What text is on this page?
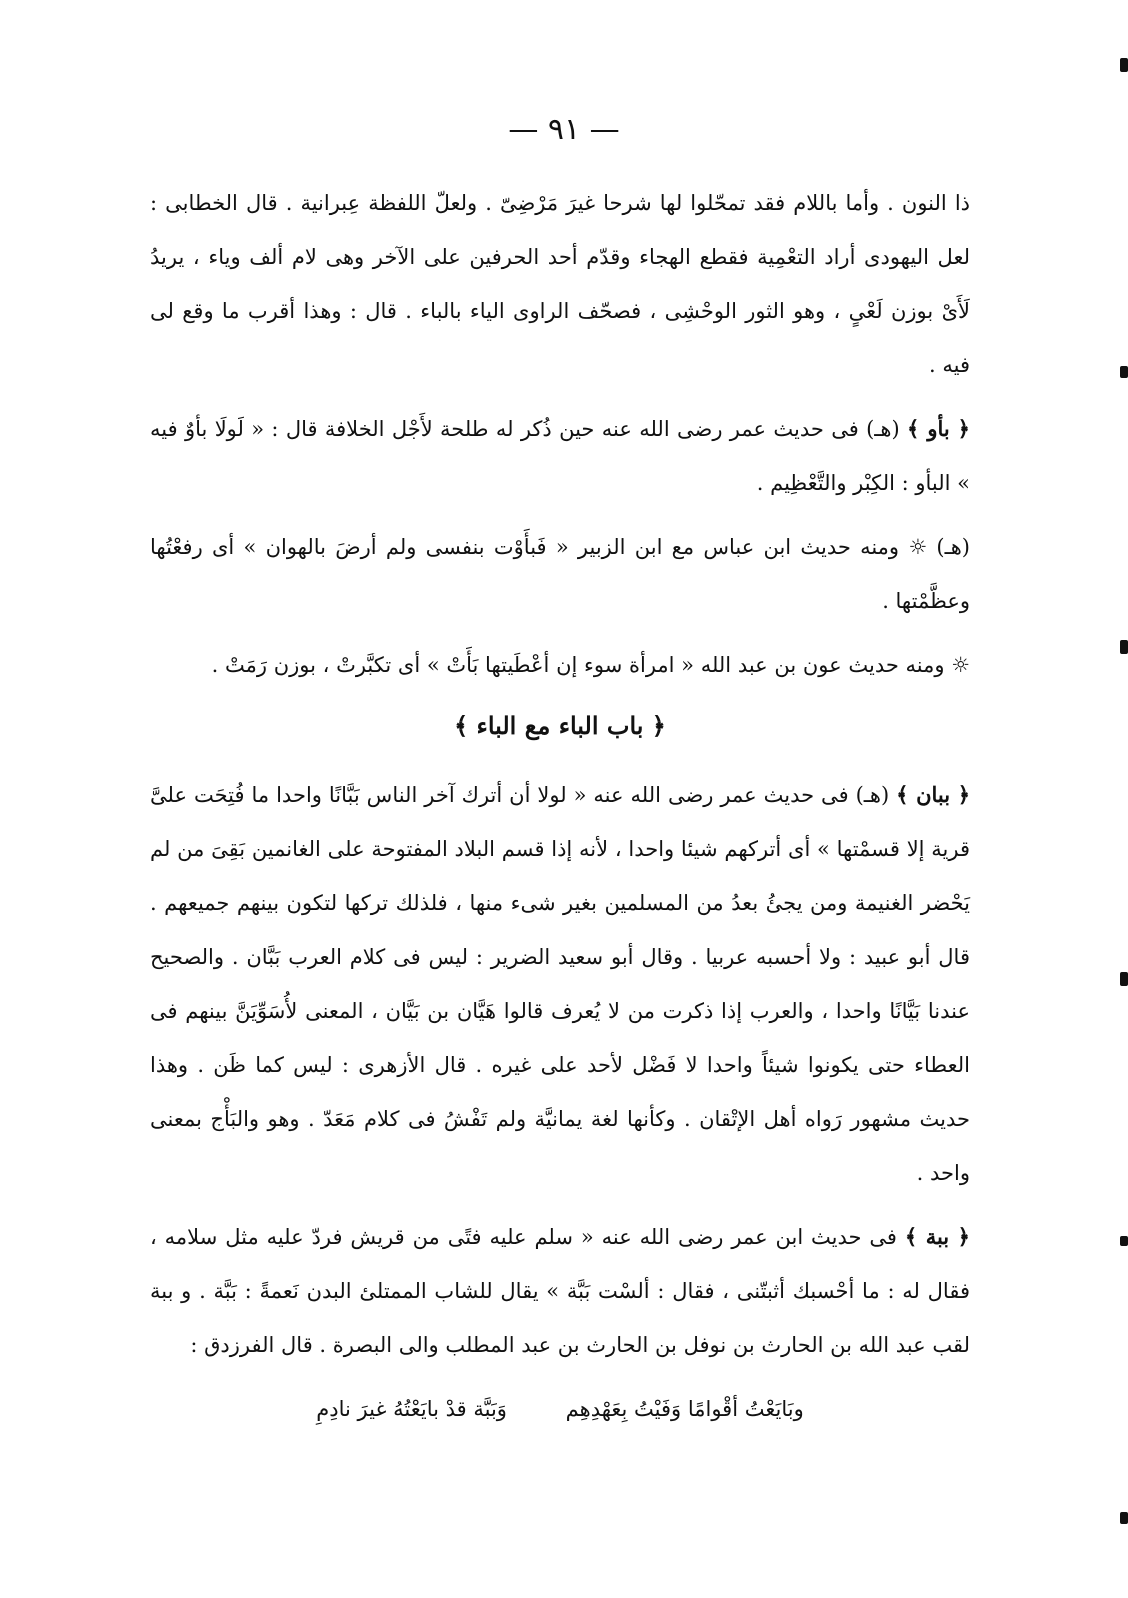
— ٩١ —

ذا النون . وأما باللام فقد تمحّلوا لها شرحا غيرَ مَرْضِىّ . ولعلّ اللفظة عِبرانية . قال الخطابى : لعل اليهودى أراد التعْمِية فقطع الهجاء وقدّم أحد الحرفين على الآخر وهى لام ألف وياء ، يريدُ لَأَىْ بوزن لَعْىٍ ، وهو الثور الوحْشِى ، فصحّف الراوى الياء بالباء . قال : وهذا أقرب ما وقع لى فيه .

﴿ بأو ﴾ (هـ) فى حديث عمر رضى الله عنه حين ذُكر له طلحة لأَجْل الخلافة قال : « لَولَا بأوٌ فيه » البأو : الكِبْر والتَّعْظِيم .

(هـ) ☼ ومنه حديث ابن عباس مع ابن الزبير « فَبأَوْت بنفسى ولم أرضَ بالهوان » أى رفعْتُها وعظَّمْتها .

☼ ومنه حديث عون بن عبد الله « امرأة سوء إن أعْطَيتها بَأَتْ » أى تكبَّرتْ ، بوزن رَمَتْ .

﴿ باب الباء مع الباء ﴾

﴿ ببان ﴾ (هـ) فى حديث عمر رضى الله عنه « لولا أن أترك آخر الناس بَبَّانًا واحدا ما فُتِحَت علىَّ قرية إلا قسمْتها » أى أتركهم شيئا واحدا ، لأنه إذا قسم البلاد المفتوحة على الغانمين بَقِىَ من لم يَحْضر الغنيمة ومن يجئُ بعدُ من المسلمين بغير شىء منها ، فلذلك تركها لتكون بينهم جميعهم . قال أبو عبيد : ولا أحسبه عربيا . وقال أبو سعيد الضرير : ليس فى كلام العرب بَبَّان . والصحيح عندنا بَيَّانًا واحدا ، والعرب إذا ذكرت من لا يُعرف قالوا هَيَّان بن بَيَّان ، المعنى لأُسَوِّيَنَّ بينهم فى العطاء حتى يكونوا شيئاً واحدا لا فَضْل لأحد على غيره . قال الأزهرى : ليس كما ظَن . وهذا حديث مشهور رَواه أهل الإتْقان . وكأنها لغة يمانيَّة ولم تَفْشُ فى كلام مَعَدّ . وهو والبَأْج بمعنى واحد .

﴿ ببة ﴾ فى حديث ابن عمر رضى الله عنه « سلم عليه فتًى من قريش فردّ عليه مثل سلامه ، فقال له : ما أحْسبك أثبتّنى ، فقال : ألسْت بَبَّة » يقال للشاب الممتلئ البدن نَعمةً : بَبَّة . و ببة لقب عبد الله بن الحارث بن نوفل بن الحارث بن عبد المطلب والى البصرة . قال الفرزدق :

وبَايَعْتُ أقْوامًا وَفَيْتُ بِعَهْدِهِم وَبَبَّة قدْ بايَعْتُهُ غيرَ نادِمِ
